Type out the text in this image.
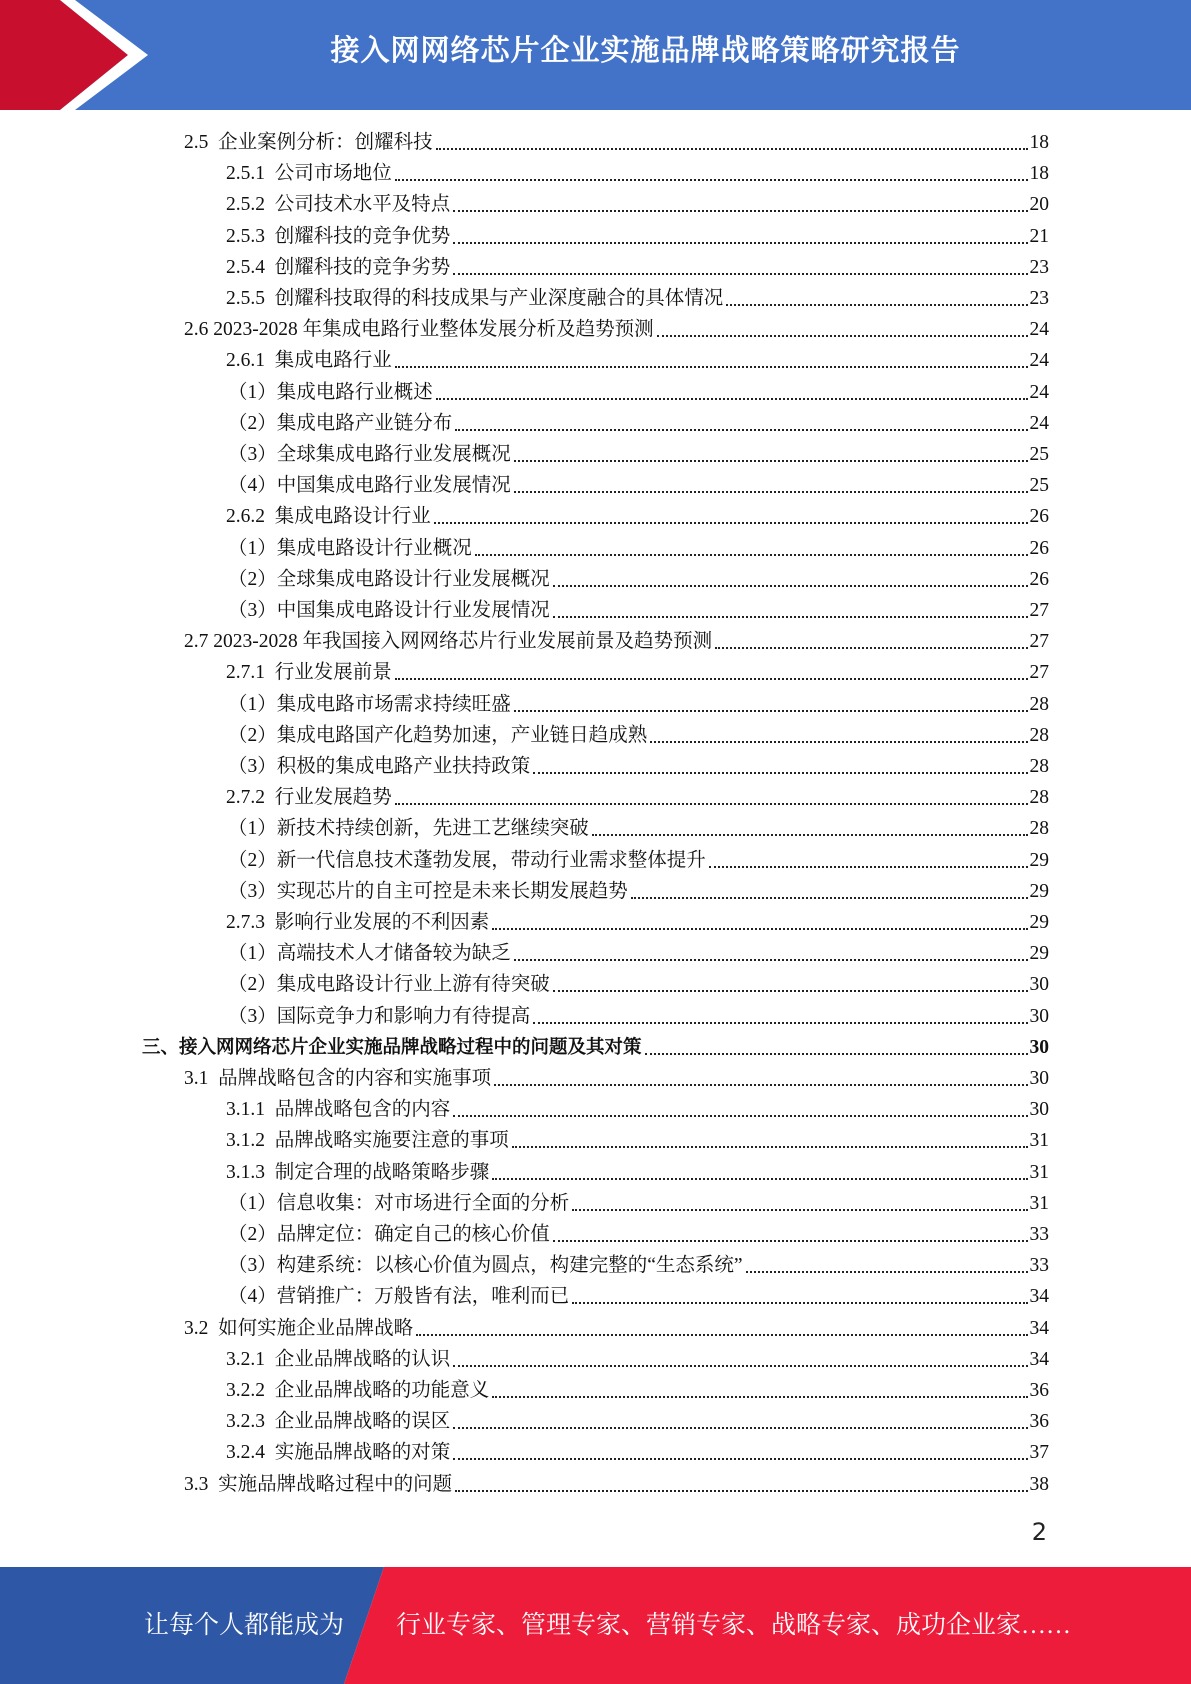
接入网网络芯片企业实施品牌战略策略研究报告
2.5 企业案例分析：创耀科技	18
2.5.1 公司市场地位	18
2.5.2 公司技术水平及特点	20
2.5.3 创耀科技的竞争优势	21
2.5.4 创耀科技的竞争劣势	23
2.5.5 创耀科技取得的科技成果与产业深度融合的具体情况	23
2.6 2023-2028 年集成电路行业整体发展分析及趋势预测	24
2.6.1 集成电路行业	24
（1） 集成电路行业概述	24
（2） 集成电路产业链分布	24
（3） 全球集成电路行业发展概况	25
（4） 中国集成电路行业发展情况	25
2.6.2 集成电路设计行业	26
（1） 集成电路设计行业概况	26
（2） 全球集成电路设计行业发展概况	26
（3） 中国集成电路设计行业发展情况	27
2.7 2023-2028 年我国接入网网络芯片行业发展前景及趋势预测	27
2.7.1 行业发展前景	27
（1） 集成电路市场需求持续旺盛	28
（2） 集成电路国产化趋势加速，产业链日趋成熟	28
（3） 积极的集成电路产业扶持政策	28
2.7.2 行业发展趋势	28
（1） 新技术持续创新，先进工艺继续突破	28
（2） 新一代信息技术蓬勃发展，带动行业需求整体提升	29
（3） 实现芯片的自主可控是未来长期发展趋势	29
2.7.3 影响行业发展的不利因素	29
（1） 高端技术人才储备较为缺乏	29
（2） 集成电路设计行业上游有待突破	30
（3） 国际竞争力和影响力有待提高	30
三、 接入网网络芯片企业实施品牌战略过程中的问题及其对策	30
3.1 品牌战略包含的内容和实施事项	30
3.1.1 品牌战略包含的内容	30
3.1.2 品牌战略实施要注意的事项	31
3.1.3 制定合理的战略策略步骤	31
（1） 信息收集：对市场进行全面的分析	31
（2） 品牌定位：确定自己的核心价值	33
（3） 构建系统：以核心价值为圆点，构建完整的“生态系统”	33
（4） 营销推广：万般皆有法，唯利而已	34
3.2 如何实施企业品牌战略	34
3.2.1 企业品牌战略的认识	34
3.2.2 企业品牌战略的功能意义	36
3.2.3 企业品牌战略的误区	36
3.2.4 实施品牌战略的对策	37
3.3 实施品牌战略过程中的问题	38
2
让每个人都能成为 行业专家、管理专家、营销专家、战略专家、成功企业家……
